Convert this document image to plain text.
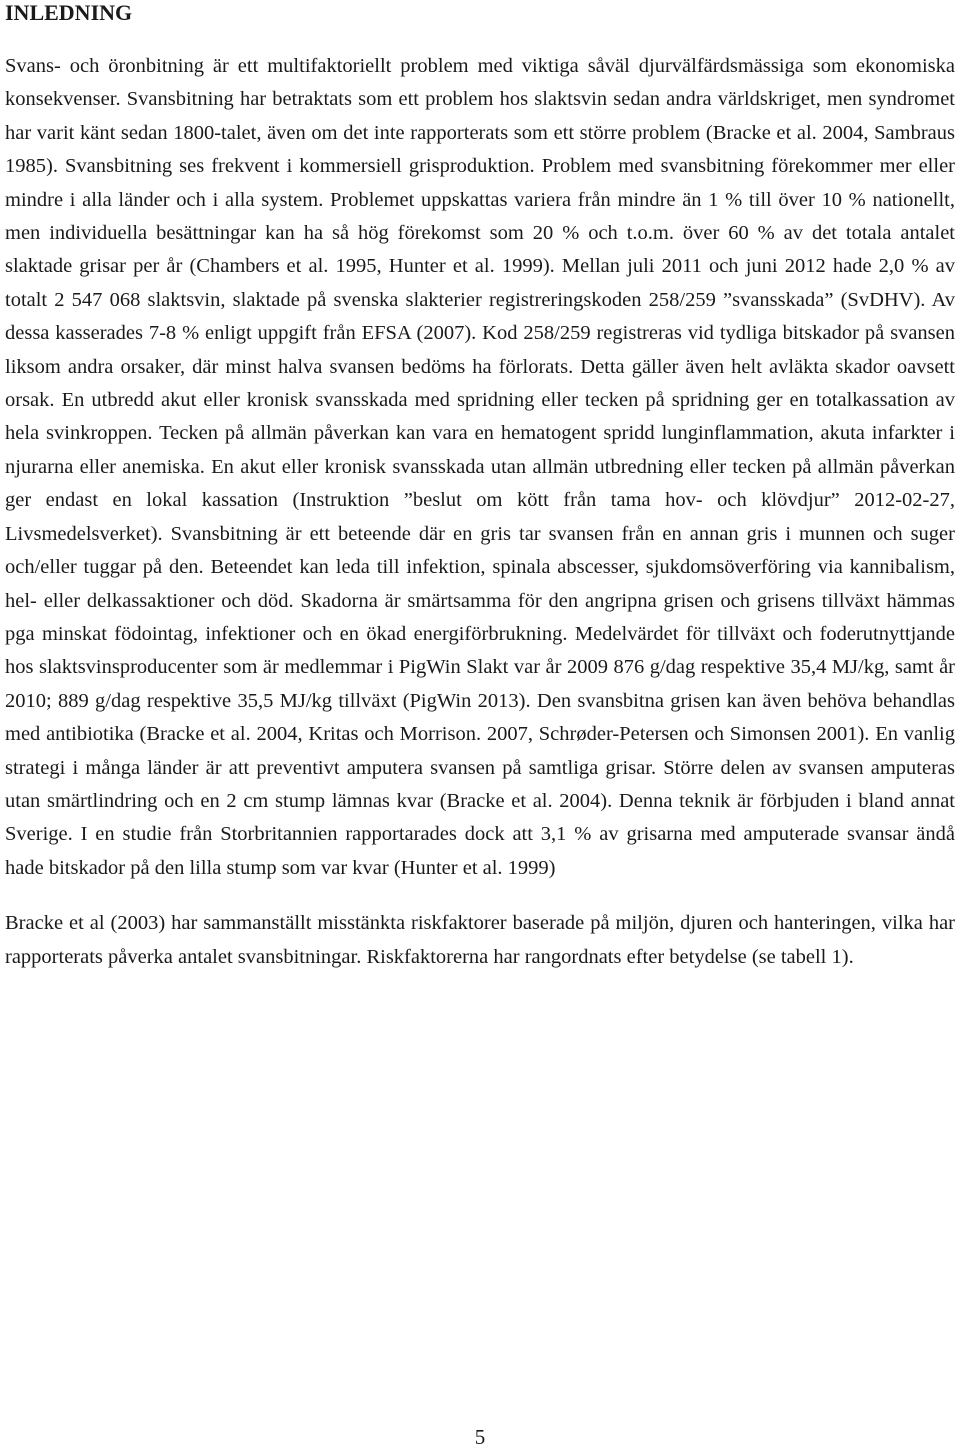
INLEDNING

Svans- och öronbitning är ett multifaktoriellt problem med viktiga såväl djurvälfärdsmässiga som ekonomiska konsekvenser. Svansbitning har betraktats som ett problem hos slaktsvin sedan andra världskriget, men syndromet har varit känt sedan 1800-talet, även om det inte rapporterats som ett större problem (Bracke et al. 2004, Sambraus 1985). Svansbitning ses frekvent i kommersiell grisproduktion. Problem med svansbitning förekommer mer eller mindre i alla länder och i alla system. Problemet uppskattas variera från mindre än 1 % till över 10 % nationellt, men individuella besättningar kan ha så hög förekomst som 20 % och t.o.m. över 60 % av det totala antalet slaktade grisar per år (Chambers et al. 1995, Hunter et al. 1999). Mellan juli 2011 och juni 2012 hade 2,0 % av totalt 2 547 068 slaktsvin, slaktade på svenska slakterier registreringskoden 258/259 ”svansskada” (SvDHV). Av dessa kasserades 7-8 % enligt uppgift från EFSA (2007). Kod 258/259 registreras vid tydliga bitskador på svansen liksom andra orsaker, där minst halva svansen bedöms ha förlorats. Detta gäller även helt avläkta skador oavsett orsak. En utbredd akut eller kronisk svansskada med spridning eller tecken på spridning ger en totalkassation av hela svinkroppen. Tecken på allmän påverkan kan vara en hematogent spridd lunginflammation, akuta infarkter i njurarna eller anemiska. En akut eller kronisk svansskada utan allmän utbredning eller tecken på allmän påverkan ger endast en lokal kassation (Instruktion ”beslut om kött från tama hov- och klövdjur” 2012-02-27, Livsmedelsverket). Svansbitning är ett beteende där en gris tar svansen från en annan gris i munnen och suger och/eller tuggar på den. Beteendet kan leda till infektion, spinala abscesser, sjukdomsöverföring via kannibalism, hel- eller delkassaktioner och död. Skadorna är smärtsamma för den angripna grisen och grisens tillväxt hämmas pga minskat födointag, infektioner och en ökad energiförbrukning. Medelvärdet för tillväxt och foderutnyttjande hos slaktsvinsproducenter som är medlemmar i PigWin Slakt var år 2009 876 g/dag respektive 35,4 MJ/kg, samt år 2010; 889 g/dag respektive 35,5 MJ/kg tillväxt (PigWin 2013). Den svansbitna grisen kan även behöva behandlas med antibiotika (Bracke et al. 2004, Kritas och Morrison. 2007, Schrøder-Petersen och Simonsen 2001). En vanlig strategi i många länder är att preventivt amputera svansen på samtliga grisar. Större delen av svansen amputeras utan smärtlindring och en 2 cm stump lämnas kvar (Bracke et al. 2004). Denna teknik är förbjuden i bland annat Sverige. I en studie från Storbritannien rapportarades dock att 3,1 % av grisarna med amputerade svansar ändå hade bitskador på den lilla stump som var kvar (Hunter et al. 1999)

Bracke et al (2003) har sammanställt misstänkta riskfaktorer baserade på miljön, djuren och hanteringen, vilka har rapporterats påverka antalet svansbitningar. Riskfaktorerna har rangordnats efter betydelse (se tabell 1).

5
